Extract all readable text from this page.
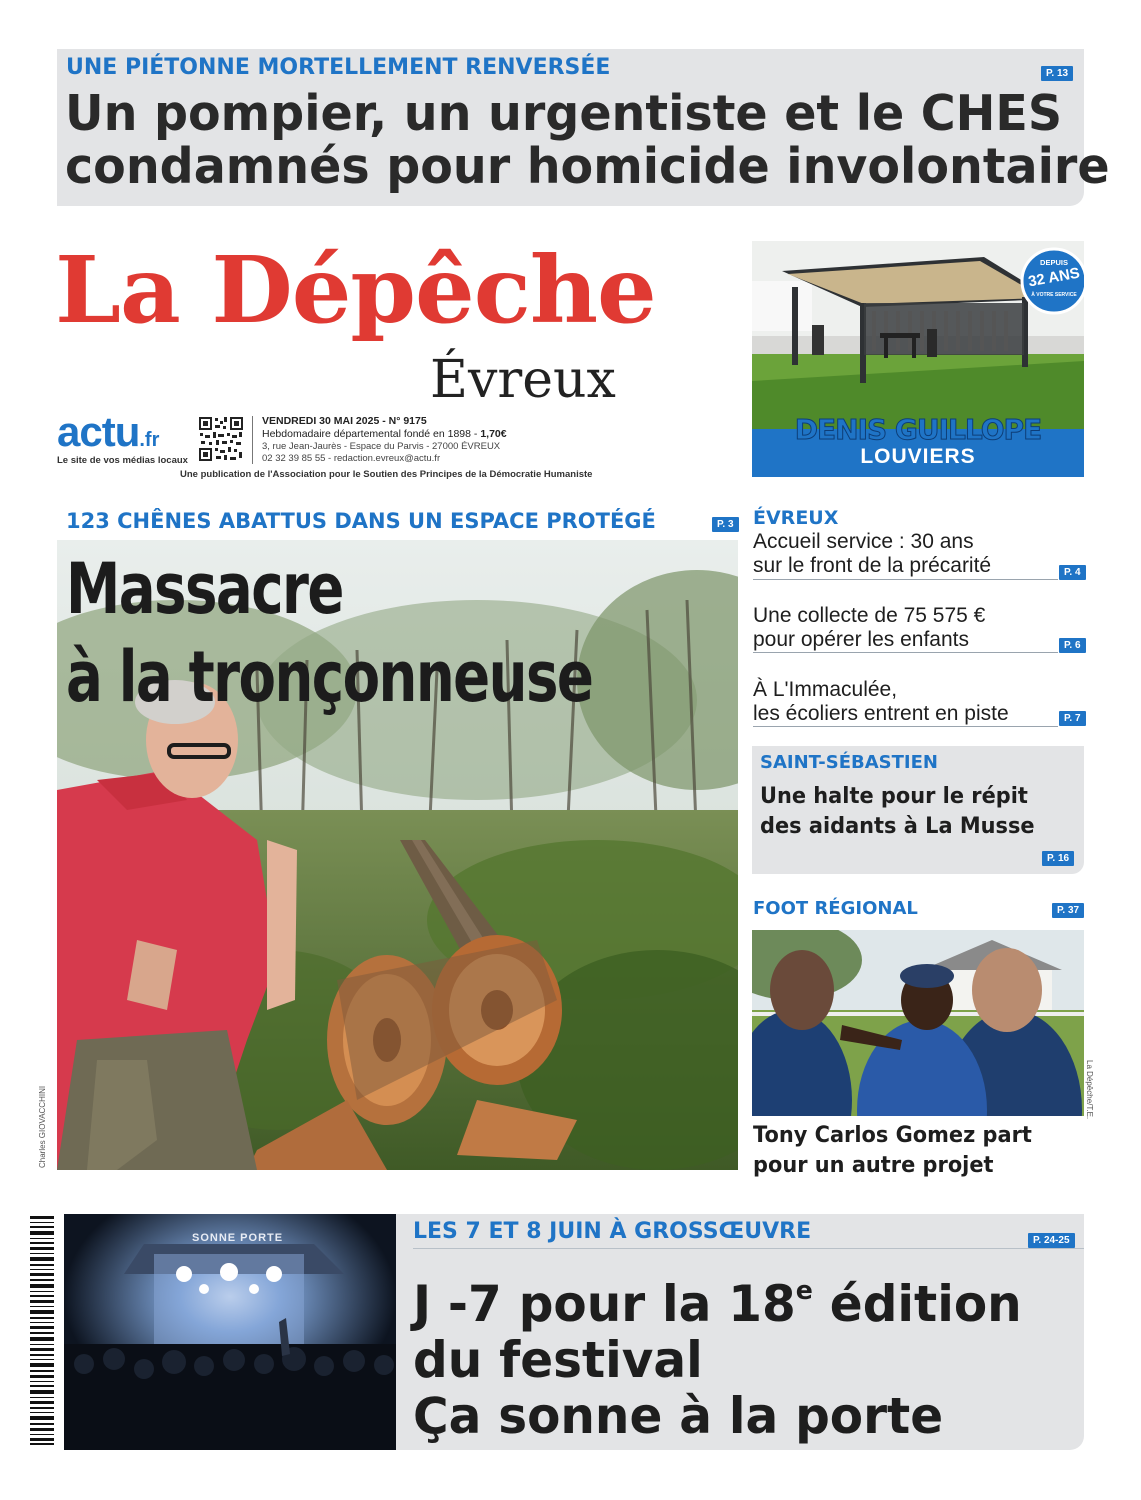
UNE PIÉTONNE MORTELLEMENT RENVERSÉE	P. 13
Un pompier, un urgentiste et le CHES
condamnés pour homicide involontaire
La Dépêche
Évreux
actu.fr
Le site de vos médias locaux
VENDREDI 30 MAI 2025 - N° 9175
Hebdomadaire départemental fondé en 1898 - 1,70€
3, rue Jean-Jaurès - Espace du Parvis - 27000 ÉVREUX
02 32 39 85 55 - redaction.evreux@actu.fr
Une publication de l'Association pour le Soutien des Principes de la Démocratie Humaniste
DEPUIS
32 ANS
À VOTRE SERVICE
DENIS GUILLOPE
LOUVIERS
123 CHÊNES ABATTUS DANS UN ESPACE PROTÉGÉ	P. 3
Massacre
à la tronçonneuse
Charles GIOVACCHINI
ÉVREUX
Accueil service : 30 ans
sur le front de la précarité	P. 4
Une collecte de 75 575 €
pour opérer les enfants	P. 6
À L'Immaculée,
les écoliers entrent en piste	P. 7
SAINT-SÉBASTIEN
Une halte pour le répit
des aidants à La Musse
P. 16
FOOT RÉGIONAL	P. 37
La Dépêche/T.E.
Tony Carlos Gomez part
pour un autre projet
SONNE PORTE	LES 7 ET 8 JUIN À GROSSŒUVRE	P. 24-25
J -7 pour la 18e édition
du festival
Ça sonne à la porte
